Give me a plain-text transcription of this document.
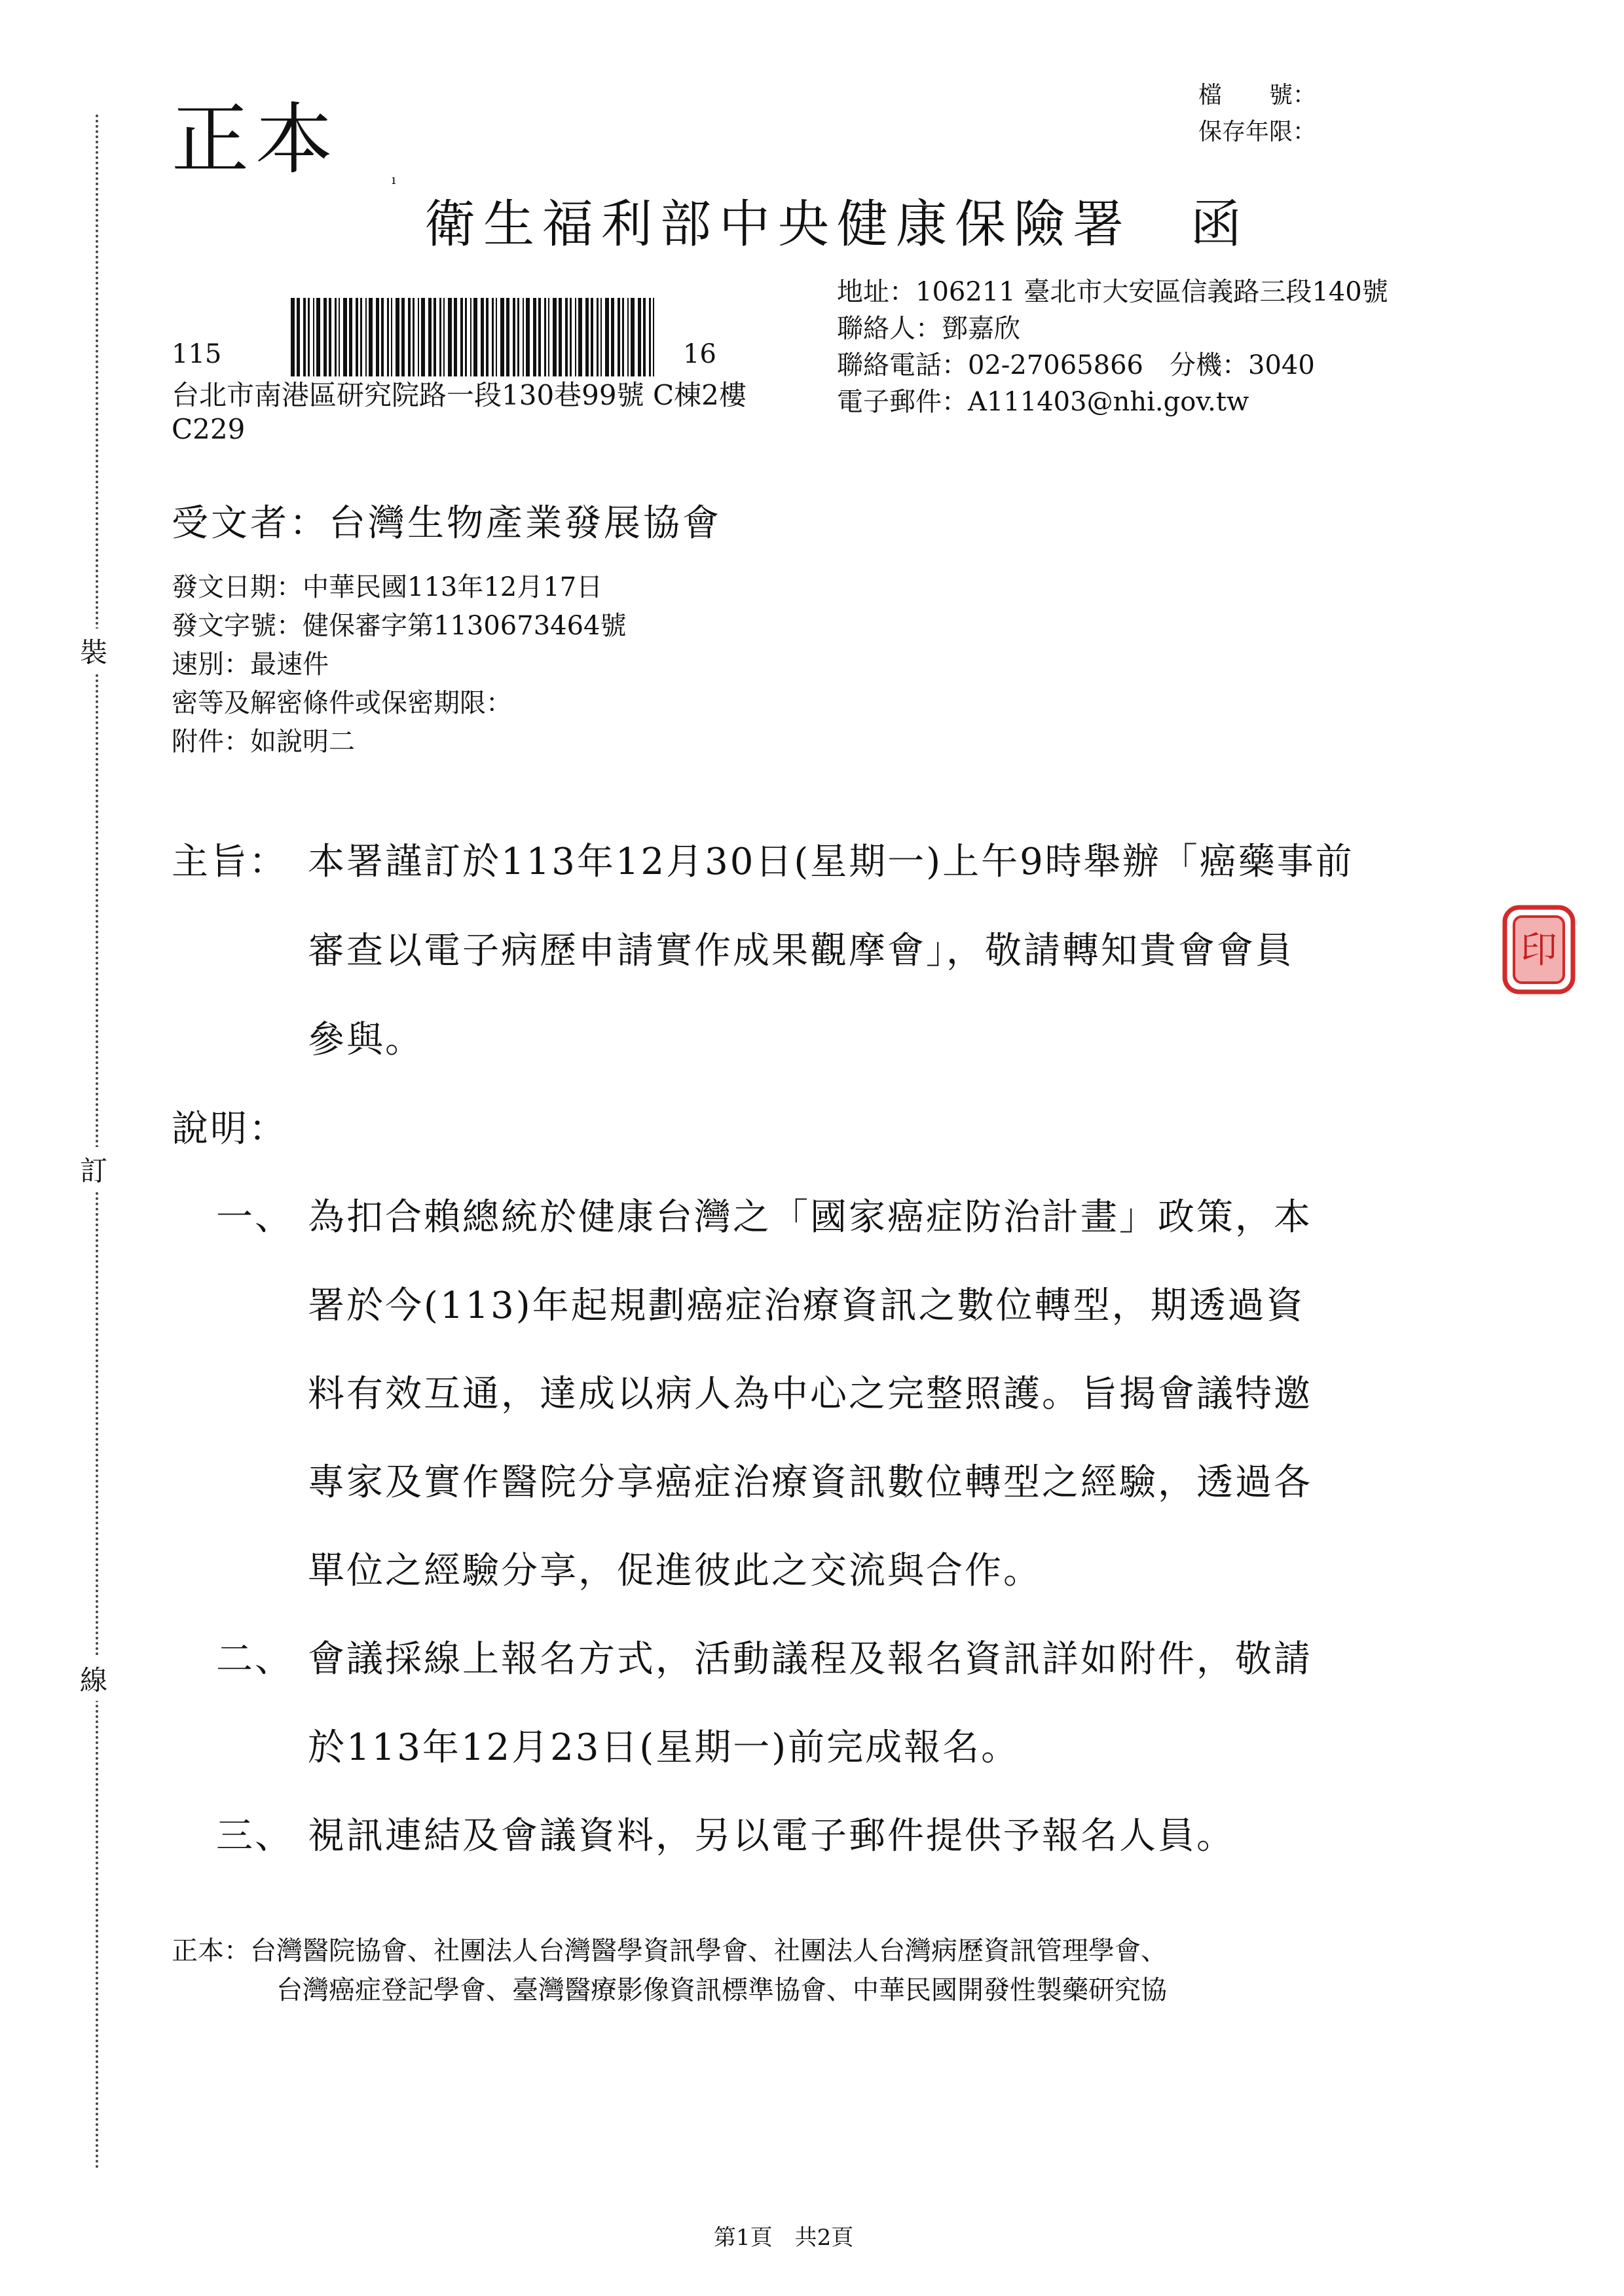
裝
訂
線
正本	ı
檔　　號：
保存年限：
衛生福利部中央健康保險署　函
115	16
台北市南港區研究院路一段130巷99號 C棟2樓
C229
地址：106211 臺北市大安區信義路三段140號
聯絡人：鄧嘉欣
聯絡電話：02-27065866　分機：3040
電子郵件：A111403@nhi.gov.tw
受文者：台灣生物產業發展協會
發文日期：中華民國113年12月17日
發文字號：健保審字第1130673464號
速別：最速件
密等及解密條件或保密期限：
附件：如說明二
主旨： 本署謹訂於113年12月30日(星期一)上午9時舉辦「癌藥事前
審查以電子病歷申請實作成果觀摩會」，敬請轉知貴會會員
參與。
說明：
一、 為扣合賴總統於健康台灣之「國家癌症防治計畫」政策，本
署於今(113)年起規劃癌症治療資訊之數位轉型，期透過資
料有效互通，達成以病人為中心之完整照護。旨揭會議特邀
專家及實作醫院分享癌症治療資訊數位轉型之經驗，透過各
單位之經驗分享，促進彼此之交流與合作。
二、 會議採線上報名方式，活動議程及報名資訊詳如附件，敬請
於113年12月23日(星期一)前完成報名。
三、 視訊連結及會議資料，另以電子郵件提供予報名人員。
正本：台灣醫院協會、社團法人台灣醫學資訊學會、社團法人台灣病歷資訊管理學會、
台灣癌症登記學會、臺灣醫療影像資訊標準協會、中華民國開發性製藥研究協
印
第1頁　共2頁
